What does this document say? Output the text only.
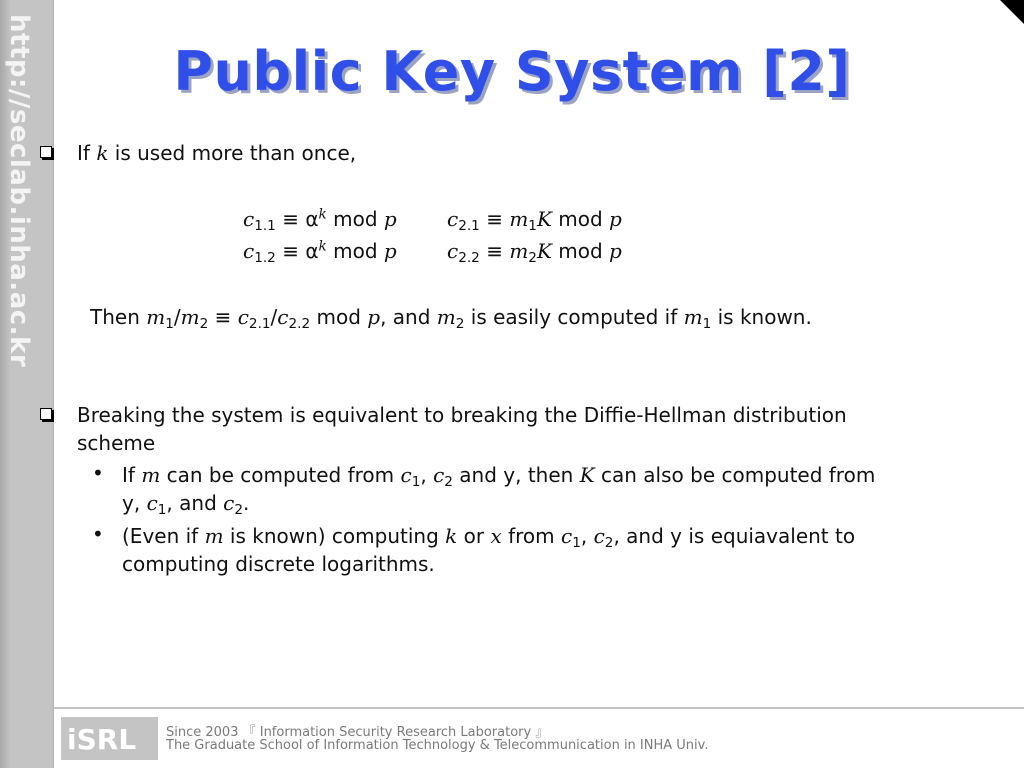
http://seclab.inha.ac.kr	Public Key System [2]
If k is used more than once,
$c_{1.1} \equiv \alpha^k$ mod p	$c_{2.1} \equiv m_1K$ mod p
$c_{1.2} \equiv \alpha^k$ mod p	$c_{2.2} \equiv m_2K$ mod p
Then $m_1/m_2 \equiv c_{2.1}/c_{2.2}$ mod p, and $m_2$ is easily computed if $m_1$ is known.
Breaking the system is equivalent to breaking the Diffie-Hellman distribution
scheme
• If m can be computed from $c_1$, $c_2$ and y, then K can also be computed from
y, $c_1$, and $c_2$.
• (Even if m is known) computing k or x from $c_1$, $c_2$, and y is equiavalent to
computing discrete logarithms.
iSRL Since 2003 『 Information Security Research Laboratory 』
The Graduate School of Information Technology & Telecommunication in INHA Univ.
